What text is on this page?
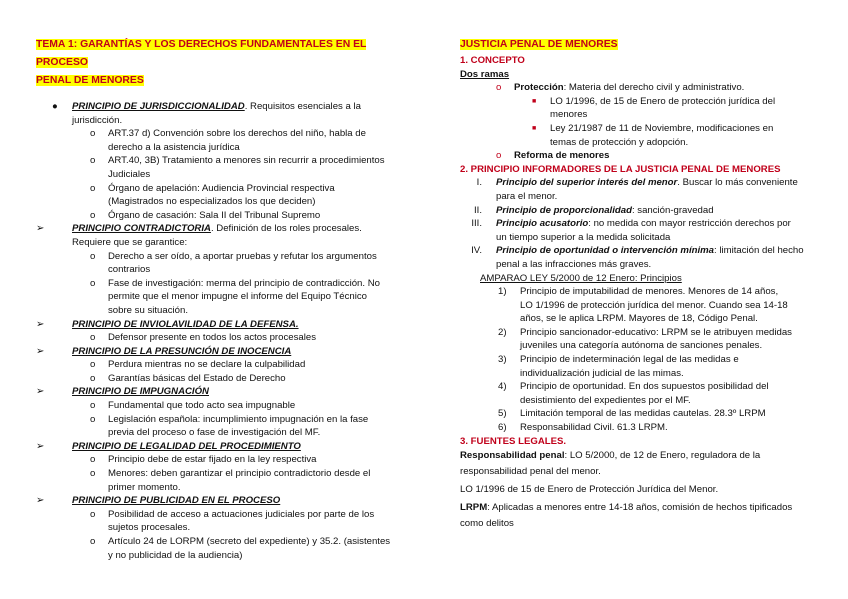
TEMA 1: GARANTÍAS Y LOS DERECHOS FUNDAMENTALES EN EL PROCESO
PENAL DE MENORES
● PRINCIPIO DE JURISDICCIONALIDAD. Requisitos esenciales a la
jurisdicción.
o ART.37 d) Convención sobre los derechos del niño, habla de
derecho a la asistencia jurídica
o ART.40, 3B) Tratamiento a menores sin recurrir a procedimientos
Judiciales
o Órgano de apelación: Audiencia Provincial respectiva
(Magistrados no especializados los que deciden)
o Órgano de casación: Sala II del Tribunal Supremo
➢	PRINCIPIO CONTRADICTORIA. Definición de los roles procesales.
Requiere que se garantice:
o Derecho a ser oído, a aportar pruebas y refutar los argumentos
contrarios
o Fase de investigación: merma del principio de contradicción. No
permite que el menor impugne el informe del Equipo Técnico
sobre su situación.
➢	PRINCIPIO DE INVIOLAVILIDAD DE LA DEFENSA.
o Defensor presente en todos los actos procesales
➢	PRINCIPIO DE LA PRESUNCIÓN DE INOCENCIA
o Perdura mientras no se declare la culpabilidad
o Garantías básicas del Estado de Derecho
➢	PRINCIPIO DE IMPUGNACIÓN
o Fundamental que todo acto sea impugnable
o Legislación española: incumplimiento impugnación en la fase
previa del proceso o fase de investigación del MF.
➢	PRINCIPIO DE LEGALIDAD DEL PROCEDIMIENTO
o Principio debe de estar fijado en la ley respectiva
o Menores: deben garantizar el principio contradictorio desde el
primer momento.
➢	PRINCIPIO DE PUBLICIDAD EN EL PROCESO
o Posibilidad de acceso a actuaciones judiciales por parte de los
sujetos procesales.
o Artículo 24 de LORPM (secreto del expediente) y 35.2. (asistentes
y no publicidad de la audiencia)
JUSTICIA PENAL DE MENORES
1. CONCEPTO
Dos ramas
o Protección: Materia del derecho civil y administrativo.
■ LO 1/1996, de 15 de Enero de protección jurídica del
menores
■ Ley 21/1987 de 11 de Noviembre, modificaciones en
temas de protección y adopción.
o Reforma de menores
2. PRINCIPIO INFORMADORES DE LA JUSTICIA PENAL DE MENORES
I. Principio del superior interés del menor. Buscar lo más conveniente
para el menor.
II. Principio de proporcionalidad: sanción-gravedad
III. Principio acusatorio: no medida con mayor restricción derechos por
un tiempo superior a la medida solicitada
IV. Principio de oportunidad o intervención mínima: limitación del hecho
penal a las infracciones más graves.
AMPARAO LEY 5/2000 de 12 Enero: Principios
1) Principio de imputabilidad de menores. Menores de 14 años,
LO 1/1996 de protección jurídica del menor. Cuando sea 14-18
años, se le aplica LRPM. Mayores de 18, Código Penal.
2) Principio sancionador-educativo: LRPM se le atribuyen medidas
juveniles una categoría autónoma de sanciones penales.
3) Principio de indeterminación legal de las medidas e
individualización judicial de las mimas.
4) Principio de oportunidad. En dos supuestos posibilidad del
desistimiento del expedientes por el MF.
5) Limitación temporal de las medidas cautelas. 28.3º LRPM
6) Responsabilidad Civil. 61.3 LRPM.
3. FUENTES LEGALES.
Responsabilidad penal: LO 5/2000, de 12 de Enero, reguladora de la
responsabilidad penal del menor.
LO 1/1996 de 15 de Enero de Protección Jurídica del Menor.
LRPM: Aplicadas a menores entre 14-18 años, comisión de hechos tipificados
como delitos
